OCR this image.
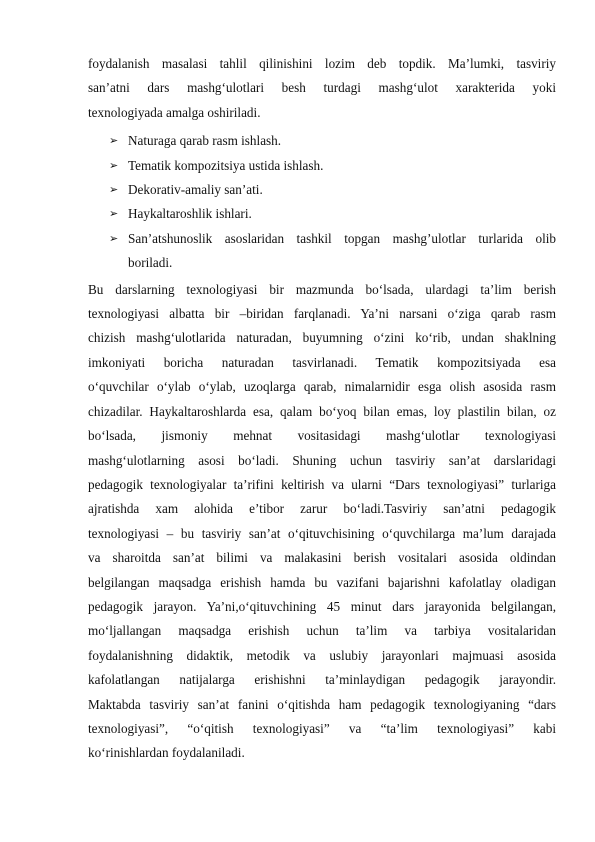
foydalanish masalasi tahlil qilinishini lozim deb topdik. Ma’lumki, tasviriy
san’atni dars mashg‘ulotlari besh turdagi mashg‘ulot xarakterida yoki
texnologiyada amalga oshiriladi.
➢ Naturaga qarab rasm ishlash.
➢ Tematik kompozitsiya ustida ishlash.
➢ Dekorativ-amaliy san’ati.
➢ Haykaltaroshlik ishlari.
➢ San’atshunoslik asoslaridan tashkil topgan mashg’ulotlar turlarida olib
boriladi.
Bu darslarning texnologiyasi bir mazmunda bo‘lsada, ulardagi ta’lim berish
texnologiyasi albatta bir –biridan farqlanadi. Ya’ni narsani o‘ziga qarab rasm
chizish mashg‘ulotlarida naturadan, buyumning o‘zini ko‘rib, undan shaklning
imkoniyati boricha naturadan tasvirlanadi. Tematik kompozitsiyada esa
o‘quvchilar o‘ylab o‘ylab, uzoqlarga qarab, nimalarnidir esga olish asosida rasm
chizadilar. Haykaltaroshlarda esa, qalam bo‘yoq bilan emas, loy plastilin bilan, oz
bo‘lsada, jismoniy mehnat vositasidagi mashg‘ulotlar texnologiyasi
mashg‘ulotlarning asosi bo‘ladi. Shuning uchun tasviriy san’at darslaridagi
pedagogik texnologiyalar ta’rifini keltirish va ularni “Dars texnologiyasi” turlariga
ajratishda xam alohida e’tibor zarur bo‘ladi.Tasviriy san’atni pedagogik
texnologiyasi – bu tasviriy san’at o‘qituvchisining o‘quvchilarga ma’lum darajada
va sharoitda san’at bilimi va malakasini berish vositalari asosida oldindan
belgilangan maqsadga erishish hamda bu vazifani bajarishni kafolatlay oladigan
pedagogik jarayon. Ya’ni,o‘qituvchining 45 minut dars jarayonida belgilangan,
mo‘ljallangan maqsadga erishish uchun ta’lim va tarbiya vositalaridan
foydalanishning didaktik, metodik va uslubiy jarayonlari majmuasi asosida
kafolatlangan natijalarga erishishni ta’minlaydigan pedagogik jarayondir.
Maktabda tasviriy san’at fanini o‘qitishda ham pedagogik texnologiyaning “dars
texnologiyasi”, “o‘qitish texnologiyasi” va “ta’lim texnologiyasi” kabi
ko‘rinishlardan foydalaniladi.
